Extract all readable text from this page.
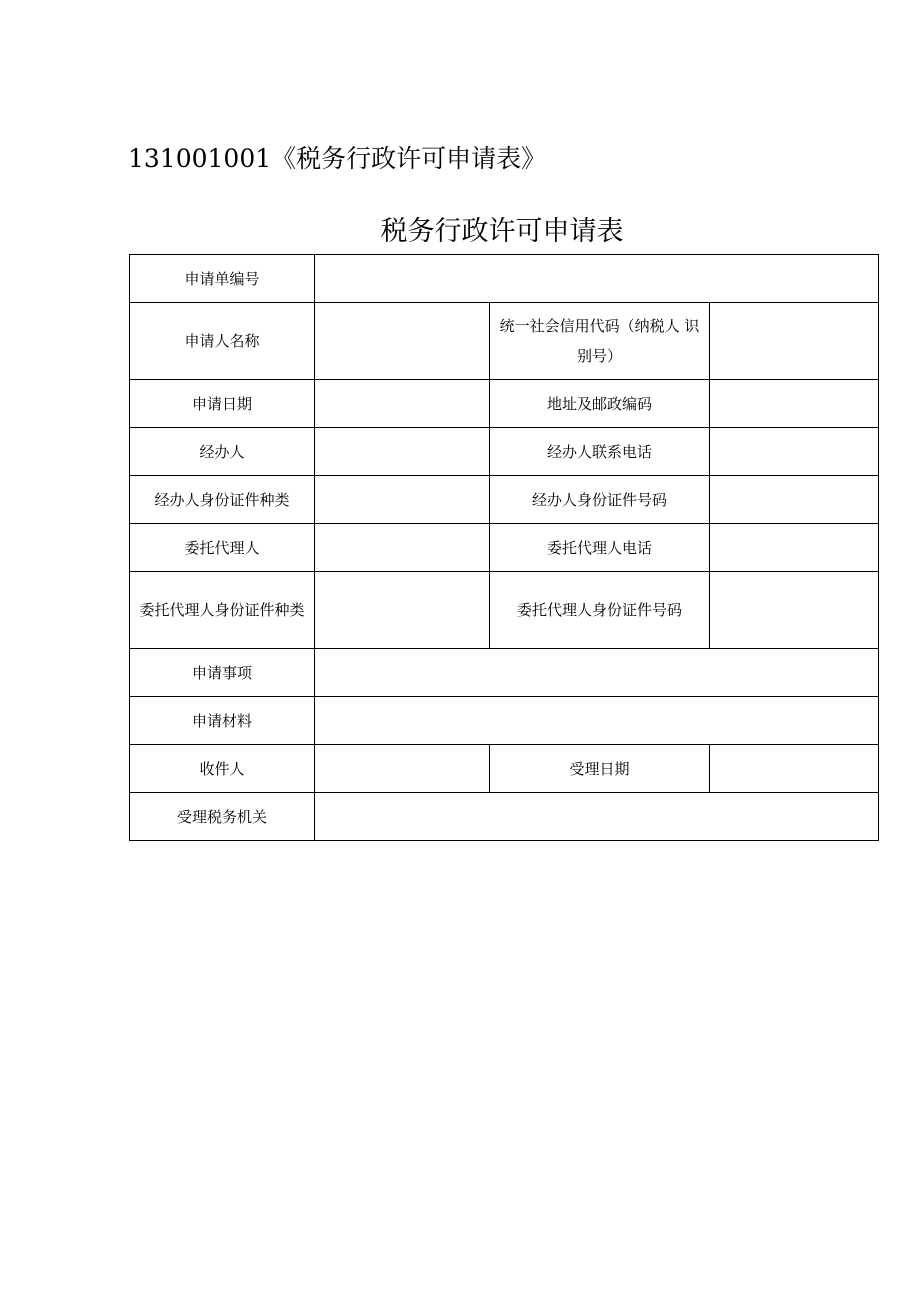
131001001《税务行政许可申请表》
税务行政许可申请表
申请单编号			
申请人名称		统一社会信用代码（纳税人 识别号）	
申请日期		地址及邮政编码	
经办人		经办人联系电话	
经办人身份证件种类		经办人身份证件号码	
委托代理人		委托代理人电话	
委托代理人身份证件种类		委托代理人身份证件号码	
申请事项			
申请材料			
收件人		受理日期	
受理税务机关			
